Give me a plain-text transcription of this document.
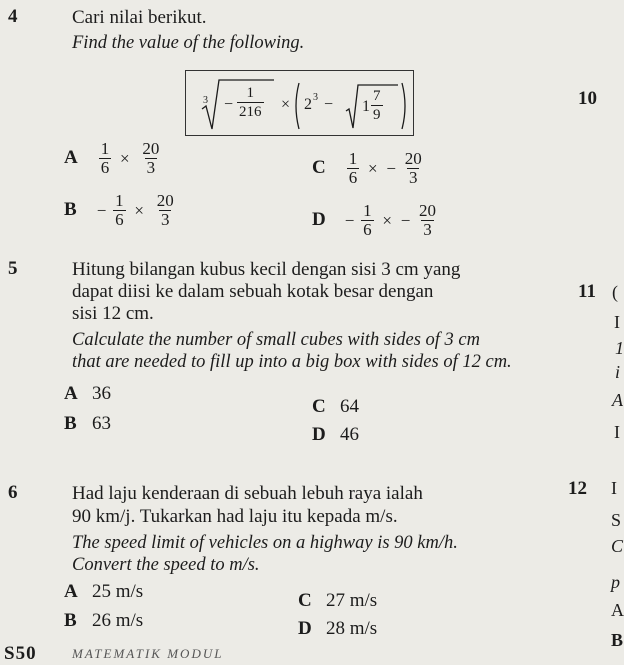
4	Cari nilai berikut.
Find the value of the following.
$3 - \frac{1}{216} \times 2$ $3 - 1 \frac{7}{9}$
A $\frac{1}{6} \times \frac{20}{3}$
$B - \frac{1}{6} \times \frac{20}{3}$
C $\frac{1}{6}$ × − $\frac{20}{3}$
$D - \frac{1}{6}$ × − $\frac{20}{3}$
5	Hitung bilangan kubus kecil dengan sisi 3 cm yang
dapat diisi ke dalam sebuah kotak besar dengan
sisi 12 cm.
Calculate the number of small cubes with sides of 3 cm
that are needed to fill up into a big box with sides of 12 cm.
A 36
B 63
C 64
D 46
6	Had laju kenderaan di sebuah lebuh raya ialah
90 km/j. Tukarkan had laju itu kepada m/s.
The speed limit of vehicles on a highway is 90 km/h.
Convert the speed to m/s.
A 25 m/s
B 26 m/s
C 27 m/s
D 28 m/s
10
11 (
I
1
i
A
I
12 I
S
C
p
A
B
S50	MATEMATIK MODUL
